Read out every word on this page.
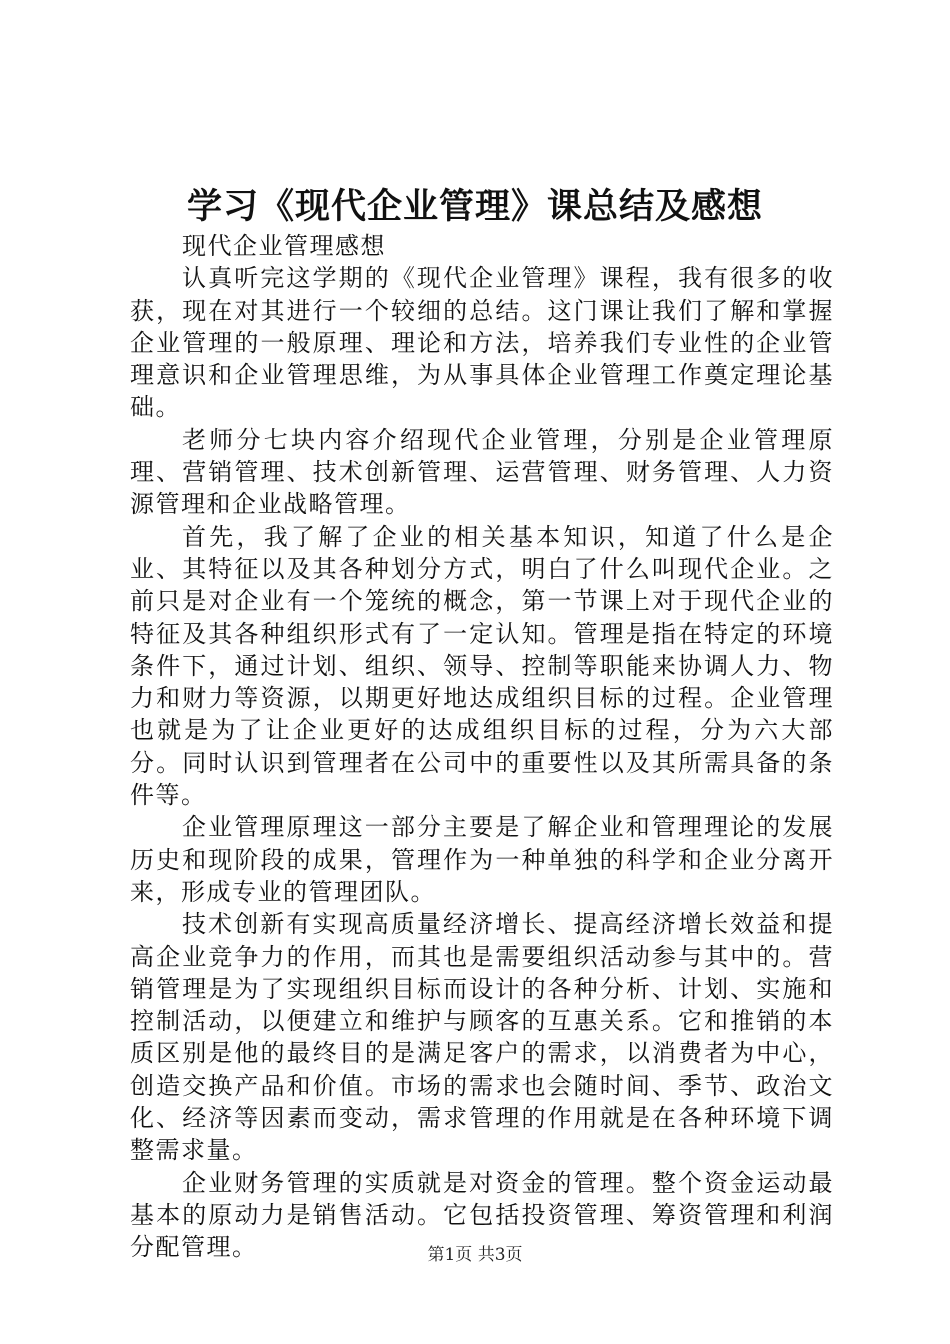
学习《现代企业管理》课总结及感想

现代企业管理感想

认真听完这学期的《现代企业管理》课程，我有很多的收获，现在对其进行一个较细的总结。这门课让我们了解和掌握企业管理的一般原理、理论和方法，培养我们专业性的企业管理意识和企业管理思维，为从事具体企业管理工作奠定理论基础。

老师分七块内容介绍现代企业管理，分别是企业管理原理、营销管理、技术创新管理、运营管理、财务管理、人力资源管理和企业战略管理。

首先，我了解了企业的相关基本知识，知道了什么是企业、其特征以及其各种划分方式，明白了什么叫现代企业。之前只是对企业有一个笼统的概念，第一节课上对于现代企业的特征及其各种组织形式有了一定认知。管理是指在特定的环境条件下，通过计划、组织、领导、控制等职能来协调人力、物力和财力等资源，以期更好地达成组织目标的过程。企业管理也就是为了让企业更好的达成组织目标的过程，分为六大部分。同时认识到管理者在公司中的重要性以及其所需具备的条件等。

企业管理原理这一部分主要是了解企业和管理理论的发展历史和现阶段的成果，管理作为一种单独的科学和企业分离开来，形成专业的管理团队。

技术创新有实现高质量经济增长、提高经济增长效益和提高企业竞争力的作用，而其也是需要组织活动参与其中的。营销管理是为了实现组织目标而设计的各种分析、计划、实施和控制活动，以便建立和维护与顾客的互惠关系。它和推销的本质区别是他的最终目的是满足客户的需求，以消费者为中心，创造交换产品和价值。市场的需求也会随时间、季节、政治文化、经济等因素而变动，需求管理的作用就是在各种环境下调整需求量。

企业财务管理的实质就是对资金的管理。整个资金运动最基本的原动力是销售活动。它包括投资管理、筹资管理和利润分配管理。	第1页 共3页
